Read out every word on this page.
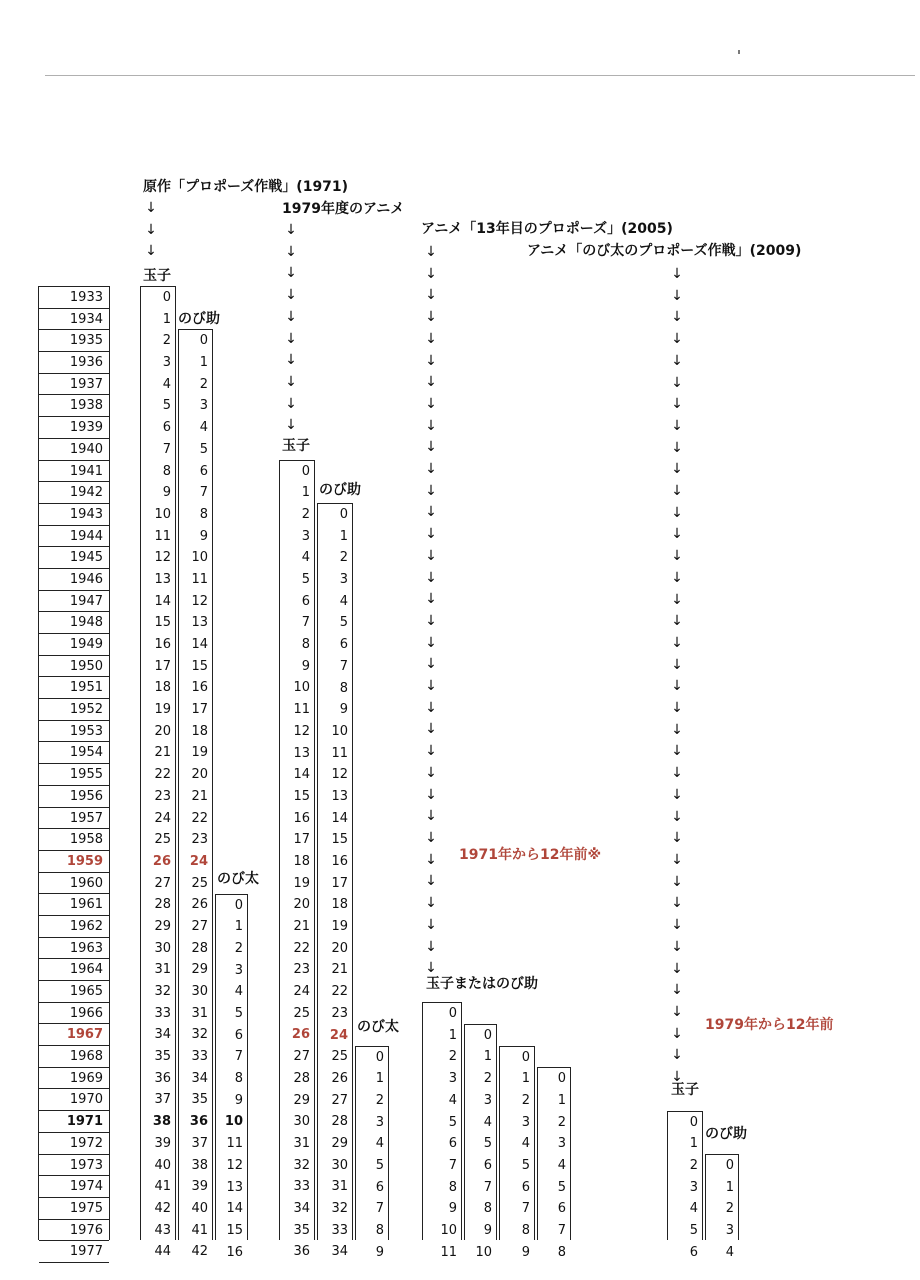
原作「プロポーズ作戦」(1971)
1979年度のアニメ
アニメ「13年目のプロポーズ」(2005)
アニメ「のび太のプロポーズ作戦」(2009)
↓
↓
↓
↓
↓
↓
↓
↓
↓
↓
↓
↓
↓
↓
↓
↓
↓
↓
↓
↓
↓
↓
↓
↓
↓
↓
↓
↓
↓
↓
↓
↓
↓
↓
↓
↓
↓
↓
↓
↓
↓
↓
↓
↓
↓
↓
↓
↓
↓
↓
↓
↓
↓
↓
↓
↓
↓
↓
↓
↓
↓
↓
↓
↓
↓
↓
↓
↓
↓
↓
↓
↓
↓
↓
↓
↓
↓
↓
↓
↓
↓
↓
↓
↓
↓
玉子
のび助
のび太
玉子
のび助
のび太
玉子またはのび助
玉子
のび助
1971年から12年前※
1979年から12年前
1933
1934
1935
1936
1937
1938
1939
1940
1941
1942
1943
1944
1945
1946
1947
1948
1949
1950
1951
1952
1953
1954
1955
1956
1957
1958
1959
1960
1961
1962
1963
1964
1965
1966
1967
1968
1969
1970
1971
1972
1973
1974
1975
1976
1977
0
1
2
3
4
5
6
7
8
9
10
11
12
13
14
15
16
17
18
19
20
21
22
23
24
25
26
27
28
29
30
31
32
33
34
35
36
37
38
39
40
41
42
43
44
0
1
2
3
4
5
6
7
8
9
10
11
12
13
14
15
16
17
18
19
20
21
22
23
24
25
26
27
28
29
30
31
32
33
34
35
36
37
38
39
40
41
42
0
1
2
3
4
5
6
7
8
9
10
11
12
13
14
15
16
0
1
2
3
4
5
6
7
8
9
10
11
12
13
14
15
16
17
18
19
20
21
22
23
24
25
26
27
28
29
30
31
32
33
34
35
36
0
1
2
3
4
5
6
7
8
9
10
11
12
13
14
15
16
17
18
19
20
21
22
23
24
25
26
27
28
29
30
31
32
33
34
0
1
2
3
4
5
6
7
8
9
0
1
2
3
4
5
6
7
8
9
10
11
0
1
2
3
4
5
6
7
8
9
10
0
1
2
3
4
5
6
7
8
9
0
1
2
3
4
5
6
7
8
0
1
2
3
4
5
6
0
1
2
3
4
